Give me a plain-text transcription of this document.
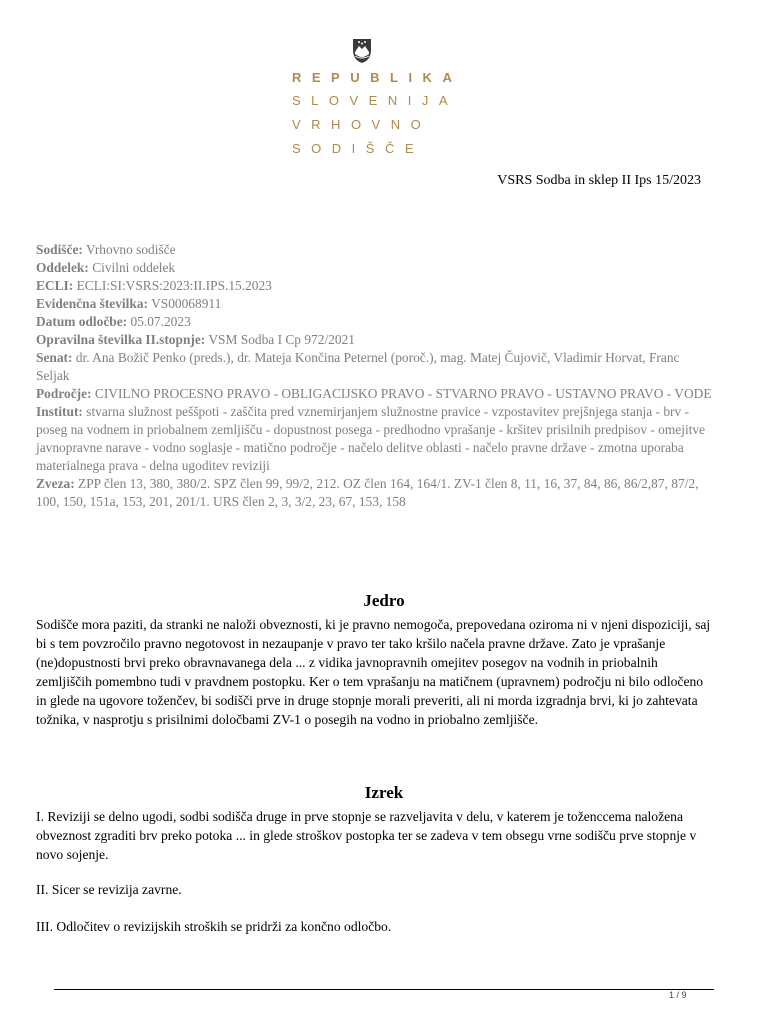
REPUBLIKA
SLOVENIJA
VRHOVNO
SODIŠČE
VSRS Sodba in sklep II Ips 15/2023
Sodišče: Vrhovno sodišče
Oddelek: Civilni oddelek
ECLI: ECLI:SI:VSRS:2023:II.IPS.15.2023
Evidenčna številka: VS00068911
Datum odločbe: 05.07.2023
Opravilna številka II.stopnje: VSM Sodba I Cp 972/2021
Senat: dr. Ana Božič Penko (preds.), dr. Mateja Končina Peternel (poroč.), mag. Matej Čujovič, Vladimir Horvat, Franc Seljak
Področje: CIVILNO PROCESNO PRAVO - OBLIGACIJSKO PRAVO - STVARNO PRAVO - USTAVNO PRAVO - VODE
Institut: stvarna služnost peššpoti - zaščita pred vznemirjanjem služnostne pravice - vzpostavitev prejšnjega stanja - brv - poseg na vodnem in priobalnem zemljišču - dopustnost posega - predhodno vprašanje - kršitev prisilnih predpisov - omejitve javnopravne narave - vodno soglasje - matično področje - načelo delitve oblasti - načelo pravne države - zmotna uporaba materialnega prava - delna ugoditev reviziji
Zveza: ZPP člen 13, 380, 380/2. SPZ člen 99, 99/2, 212. OZ člen 164, 164/1. ZV-1 člen 8, 11, 16, 37, 84, 86, 86/2,87, 87/2, 100, 150, 151a, 153, 201, 201/1. URS člen 2, 3, 3/2, 23, 67, 153, 158
Jedro
Sodišče mora paziti, da stranki ne naloži obveznosti, ki je pravno nemogoča, prepovedana oziroma ni v njeni dispoziciji, saj bi s tem povzročilo pravno negotovost in nezaupanje v pravo ter tako kršilo načela pravne države. Zato je vprašanje (ne)dopustnosti brvi preko obravnavanega dela ... z vidika javnopravnih omejitev posegov na vodnih in priobalnih zemljiščih pomembno tudi v pravdnem postopku. Ker o tem vprašanju na matičnem (upravnem) področju ni bilo odločeno in glede na ugovore toženčev, bi sodišči prve in druge stopnje morali preveriti, ali ni morda izgradnja brvi, ki jo zahtevata tožnika, v nasprotju s prisilnimi določbami ZV-1 o posegih na vodno in priobalno zemljišče.
Izrek
I. Reviziji se delno ugodi, sodbi sodišča druge in prve stopnje se razveljavita v delu, v katerem je toženccema naložena obveznost zgraditi brv preko potoka ... in glede stroškov postopka ter se zadeva v tem obsegu vrne sodišču prve stopnje v novo sojenje.
II. Sicer se revizija zavrne.
III. Odločitev o revizijskih stroških se pridrži za končno odločbo.
1 / 9
